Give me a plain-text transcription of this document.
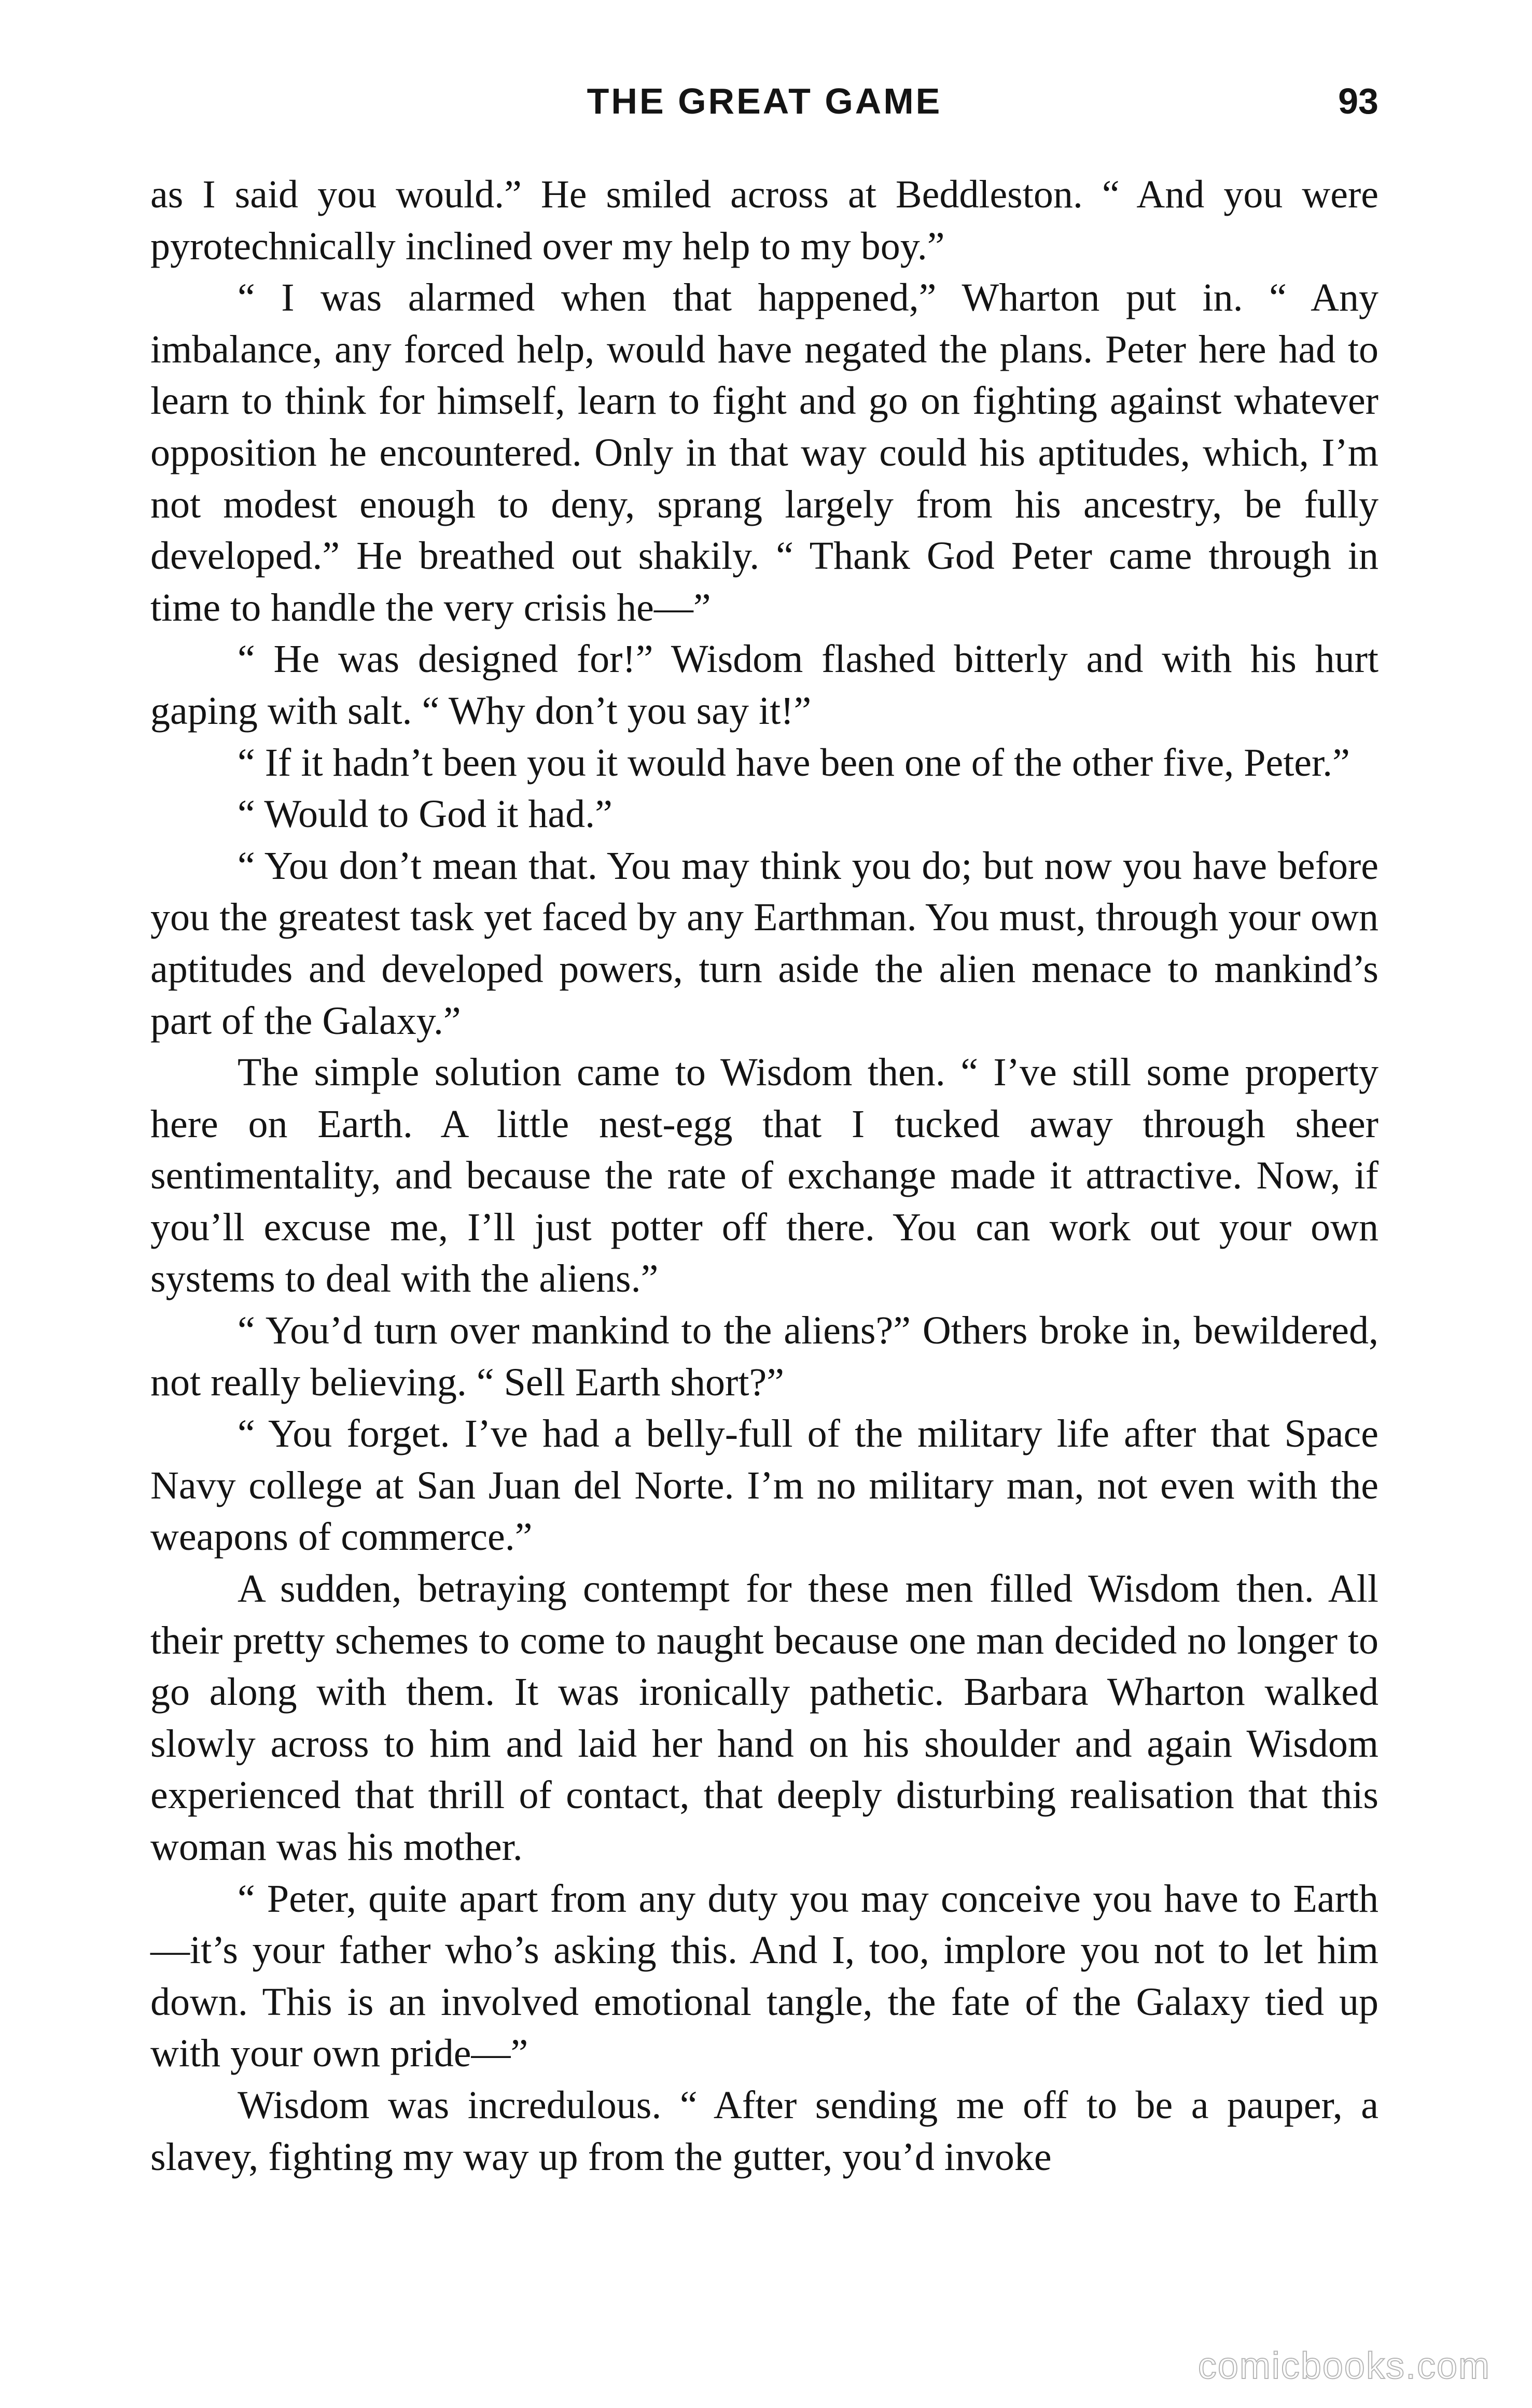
THE GREAT GAME	93

as I said you would.” He smiled across at Beddleston. “ And you were pyrotechnically inclined over my help to my boy.”

“ I was alarmed when that happened,” Wharton put in. “ Any imbalance, any forced help, would have negated the plans. Peter here had to learn to think for himself, learn to fight and go on fighting against whatever opposition he encountered. Only in that way could his aptitudes, which, I’m not modest enough to deny, sprang largely from his ancestry, be fully developed.” He breathed out shakily. “ Thank God Peter came through in time to handle the very crisis he—”

“ He was designed for!” Wisdom flashed bitterly and with his hurt gaping with salt. “ Why don’t you say it!”

“ If it hadn’t been you it would have been one of the other five, Peter.”

“ Would to God it had.”

“ You don’t mean that. You may think you do; but now you have before you the greatest task yet faced by any Earthman. You must, through your own aptitudes and developed powers, turn aside the alien menace to mankind’s part of the Galaxy.”

The simple solution came to Wisdom then. “ I’ve still some property here on Earth. A little nest-egg that I tucked away through sheer sentimentality, and because the rate of exchange made it attractive. Now, if you’ll excuse me, I’ll just potter off there. You can work out your own systems to deal with the aliens.”

“ You’d turn over mankind to the aliens?” Others broke in, bewildered, not really believing. “ Sell Earth short?”

“ You forget. I’ve had a belly-full of the military life after that Space Navy college at San Juan del Norte. I’m no military man, not even with the weapons of commerce.”

A sudden, betraying contempt for these men filled Wisdom then. All their pretty schemes to come to naught because one man decided no longer to go along with them. It was ironically pathetic. Barbara Wharton walked slowly across to him and laid her hand on his shoulder and again Wisdom experienced that thrill of contact, that deeply disturbing realisation that this woman was his mother.

“ Peter, quite apart from any duty you may conceive you have to Earth—it’s your father who’s asking this. And I, too, implore you not to let him down. This is an involved emotional tangle, the fate of the Galaxy tied up with your own pride—”

Wisdom was incredulous. “ After sending me off to be a pauper, a slavey, fighting my way up from the gutter, you’d invoke

comicbooks.com
